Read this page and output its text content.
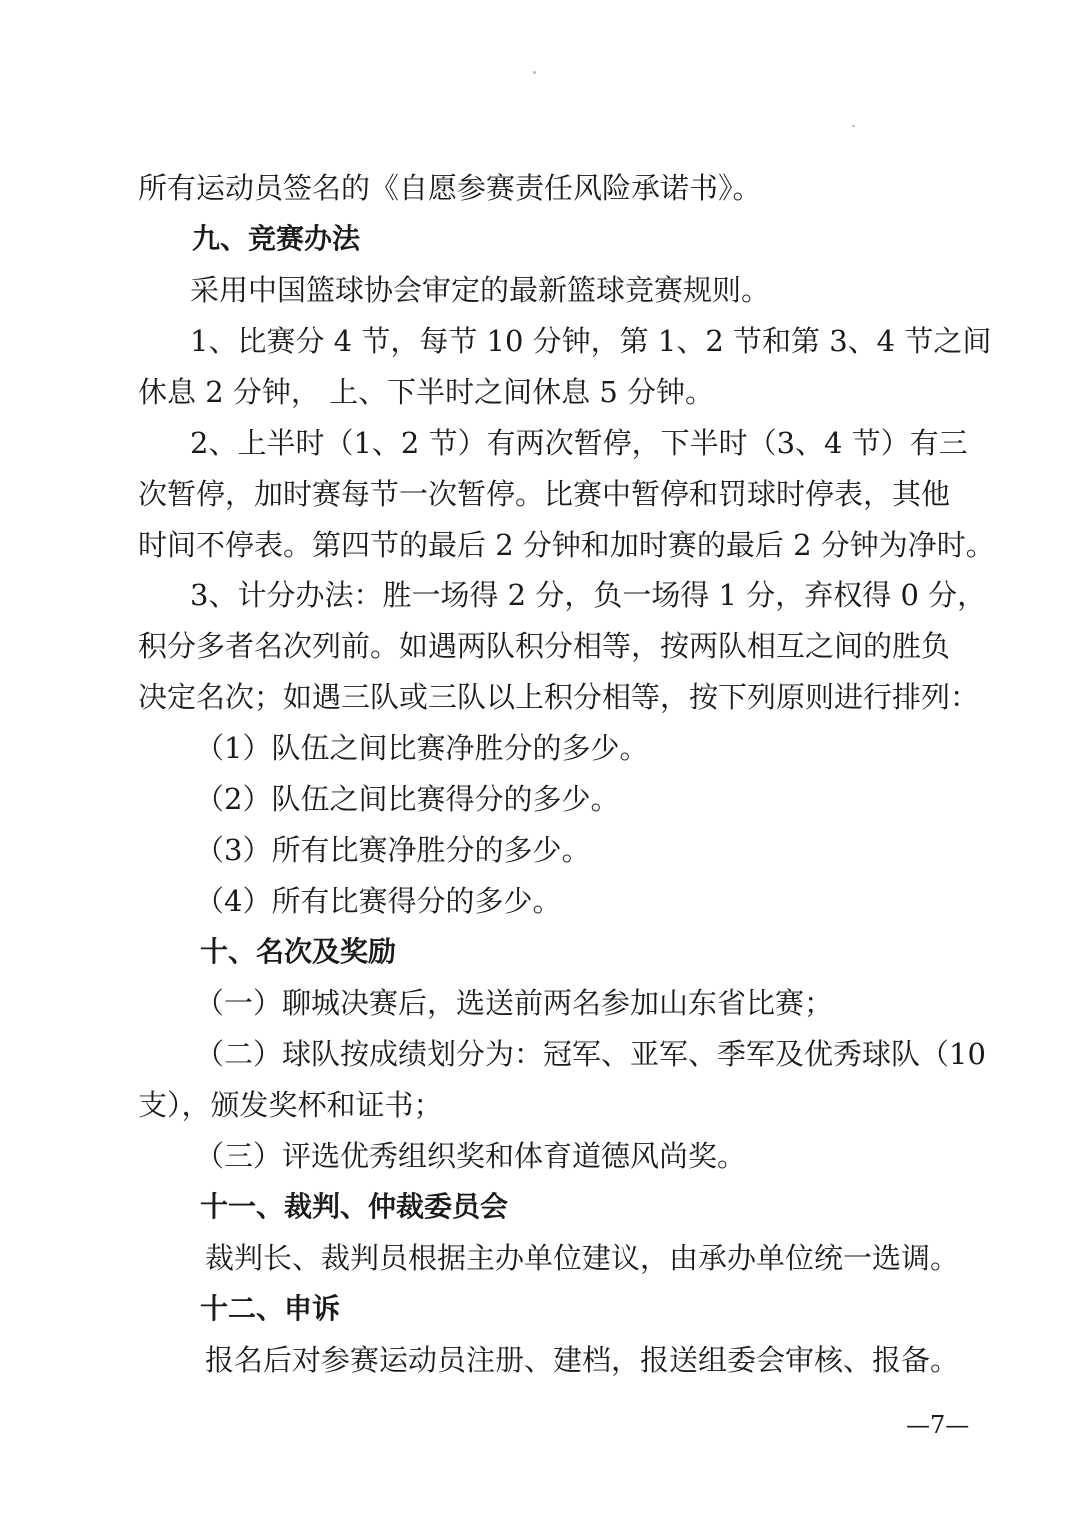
所有运动员签名的《自愿参赛责任风险承诺书》。
九、竞赛办法
采用中国篮球协会审定的最新篮球竞赛规则。
1、比赛分 4 节，每节 10 分钟，第 1、2 节和第 3、4 节之间
休息 2 分钟， 上、下半时之间休息 5 分钟。
2、上半时（1、2 节）有两次暂停，下半时（3、4 节）有三
次暂停，加时赛每节一次暂停。比赛中暂停和罚球时停表，其他
时间不停表。第四节的最后 2 分钟和加时赛的最后 2 分钟为净时。
3、计分办法：胜一场得 2 分，负一场得 1 分，弃权得 0 分，
积分多者名次列前。如遇两队积分相等，按两队相互之间的胜负
决定名次；如遇三队或三队以上积分相等，按下列原则进行排列：
（1）队伍之间比赛净胜分的多少。
（2）队伍之间比赛得分的多少。
（3）所有比赛净胜分的多少。
（4）所有比赛得分的多少。
十、名次及奖励
（一）聊城决赛后，选送前两名参加山东省比赛；
（二）球队按成绩划分为：冠军、亚军、季军及优秀球队（10
支），颁发奖杯和证书；
（三）评选优秀组织奖和体育道德风尚奖。
十一、裁判、仲裁委员会
裁判长、裁判员根据主办单位建议，由承办单位统一选调。
十二、申诉
报名后对参赛运动员注册、建档，报送组委会审核、报备。
—7—
